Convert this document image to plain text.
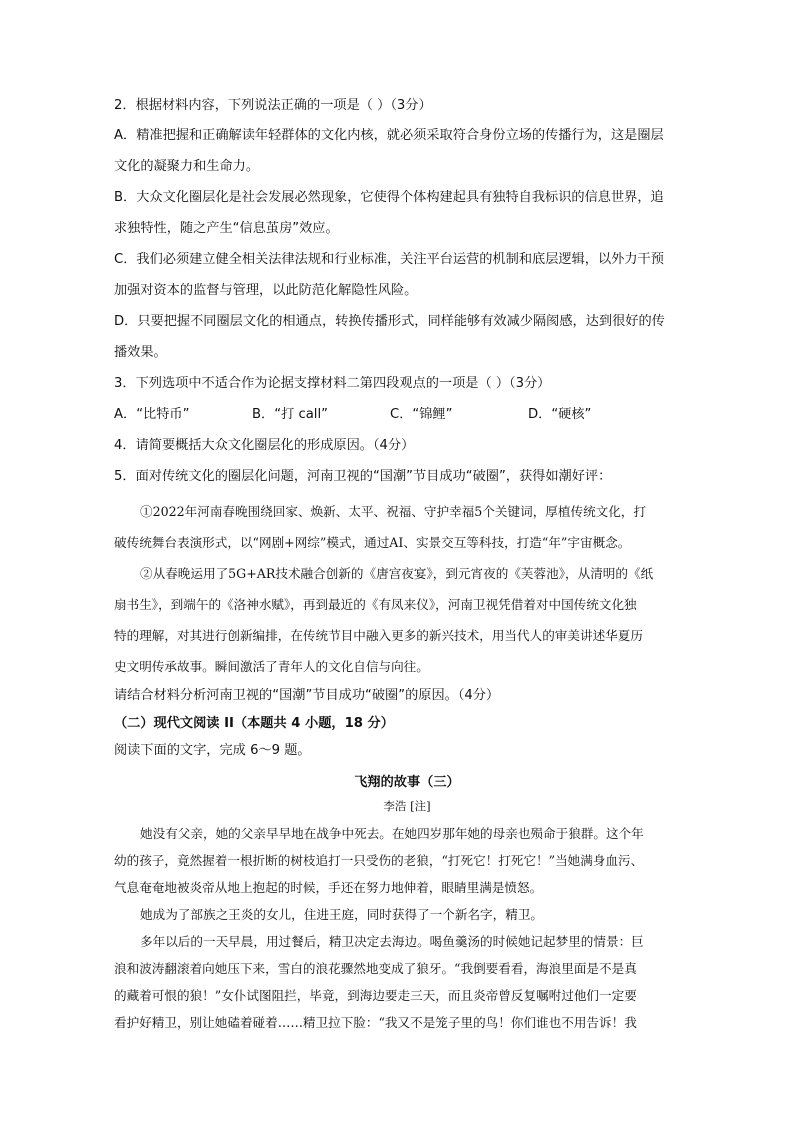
2．根据材料内容，下列说法正确的一项是（ ）（3分）
A．精准把握和正确解读年轻群体的文化内核，就必须采取符合身份立场的传播行为，这是圈层
文化的凝聚力和生命力。
B．大众文化圈层化是社会发展必然现象，它使得个体构建起具有独特自我标识的信息世界，追
求独特性，随之产生“信息茧房”效应。
C．我们必须建立健全相关法律法规和行业标准，关注平台运营的机制和底层逻辑，以外力干预
加强对资本的监督与管理，以此防范化解隐性风险。
D．只要把握不同圈层文化的相通点，转换传播形式，同样能够有效减少隔阂感，达到很好的传
播效果。
3．下列选项中不适合作为论据支撑材料二第四段观点的一项是（ ）（3分）
A．“比特币”	B．“打 call”	C．“锦鲤”	D．“硬核”
4．请简要概括大众文化圈层化的形成原因。（4分）
5．面对传统文化的圈层化问题，河南卫视的“国潮”节目成功“破圈”，获得如潮好评：
①2022年河南春晚围绕回家、焕新、太平、祝福、守护幸福5个关键词，厚植传统文化，打
破传统舞台表演形式，以“网剧+网综”模式，通过AI、实景交互等科技，打造“年”宇宙概念。
②从春晚运用了5G+AR技术融合创新的《唐宫夜宴》，到元宵夜的《芙蓉池》，从清明的《纸
扇书生》，到端午的《洛神水赋》，再到最近的《有凤来仪》，河南卫视凭借着对中国传统文化独
特的理解，对其进行创新编排，在传统节目中融入更多的新兴技术，用当代人的审美讲述华夏历
史文明传承故事。瞬间激活了青年人的文化自信与向往。
请结合材料分析河南卫视的“国潮”节目成功“破圈”的原因。（4分）
（二）现代文阅读 II（本题共 4 小题，18 分）
阅读下面的文字，完成 6～9 题。
飞翔的故事（三）
李浩 [注]
她没有父亲，她的父亲早早地在战争中死去。在她四岁那年她的母亲也殒命于狼群。这个年
幼的孩子，竟然握着一根折断的树枝追打一只受伤的老狼，“打死它！打死它！”当她满身血污、
气息奄奄地被炎帝从地上抱起的时候，手还在努力地伸着，眼睛里满是愤怒。
她成为了部族之王炎的女儿，住进王庭，同时获得了一个新名字，精卫。
多年以后的一天早晨，用过餐后，精卫决定去海边。喝鱼羹汤的时候她记起梦里的情景：巨
浪和波涛翻滚着向她压下来，雪白的浪花骤然地变成了狼牙。“我倒要看看，海浪里面是不是真
的藏着可恨的狼！”女仆试图阻拦，毕竟，到海边要走三天，而且炎帝曾反复嘱咐过他们一定要
看护好精卫，别让她磕着碰着……精卫拉下脸：“我又不是笼子里的鸟！你们谁也不用告诉！我
